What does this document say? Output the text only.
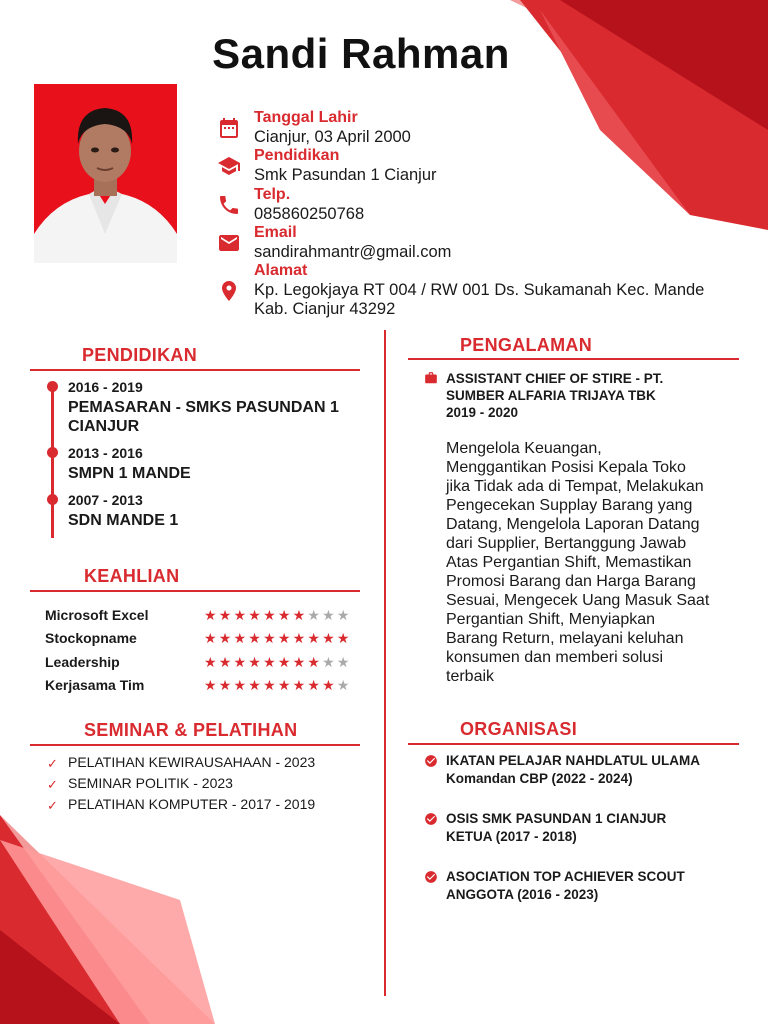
Sandi Rahman
Tanggal Lahir
Cianjur, 03 April 2000
Pendidikan
Smk Pasundan 1 Cianjur
Telp.
085860250768
Email
sandirahmantr@gmail.com
Alamat
Kp. Legokjaya RT 004 / RW 001 Ds. Sukamanah Kec. Mande
Kab. Cianjur 43292
PENDIDIKAN
2016 - 2019
PEMASARAN - SMKS PASUNDAN 1
CIANJUR
2013 - 2016
SMPN 1 MANDE
2007 - 2013
SDN MANDE 1
KEAHLIAN
Microsoft Excel	★★★★★★★★★★
Stockopname	★★★★★★★★★★
Leadership	★★★★★★★★★★
Kerjasama Tim	★★★★★★★★★★
SEMINAR & PELATIHAN
✓ PELATIHAN KEWIRAUSAHAAN - 2023
✓ SEMINAR POLITIK - 2023
✓ PELATIHAN KOMPUTER - 2017 - 2019
PENGALAMAN
ASSISTANT CHIEF OF STIRE - PT.
SUMBER ALFARIA TRIJAYA TBK
2019 - 2020
Mengelola Keuangan,
Menggantikan Posisi Kepala Toko
jika Tidak ada di Tempat, Melakukan
Pengecekan Supplay Barang yang
Datang, Mengelola Laporan Datang
dari Supplier, Bertanggung Jawab
Atas Pergantian Shift, Memastikan
Promosi Barang dan Harga Barang
Sesuai, Mengecek Uang Masuk Saat
Pergantian Shift, Menyiapkan
Barang Return, melayani keluhan
konsumen dan memberi solusi
terbaik
ORGANISASI
IKATAN PELAJAR NAHDLATUL ULAMA
Komandan CBP (2022 - 2024)
OSIS SMK PASUNDAN 1 CIANJUR
KETUA (2017 - 2018)
ASOCIATION TOP ACHIEVER SCOUT
ANGGOTA (2016 - 2023)
